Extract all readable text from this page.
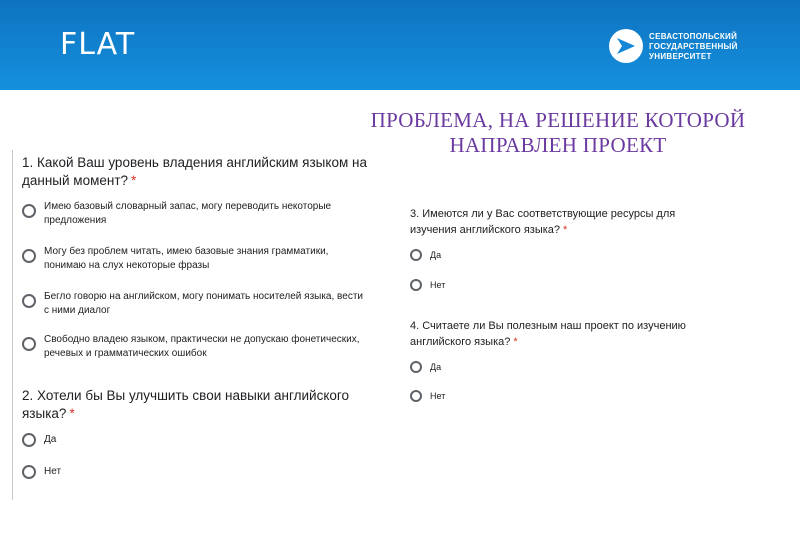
FLAT	СЕВАСТОПОЛЬСКИЙ
ГОСУДАРСТВЕННЫЙ
УНИВЕРСИТЕТ
ПРОБЛЕМА, НА РЕШЕНИЕ КОТОРОЙ
НАПРАВЛЕН ПРОЕКТ
1. Какой Ваш уровень владения английским языком на
данный момент? *
Имею базовый словарный запас, могу переводить некоторые
предложения
Могу без проблем читать, имею базовые знания грамматики,
понимаю на слух некоторые фразы
Бегло говорю на английском, могу понимать носителей языка, вести
с ними диалог
Свободно владею языком, практически не допускаю фонетических,
речевых и грамматических ошибок
2. Хотели бы Вы улучшить свои навыки английского
языка? *
Да
Нет
3. Имеются ли у Вас соответствующие ресурсы для
изучения английского языка? *
Да
Нет
4. Считаете ли Вы полезным наш проект по изучению
английского языка? *
Да
Нет
